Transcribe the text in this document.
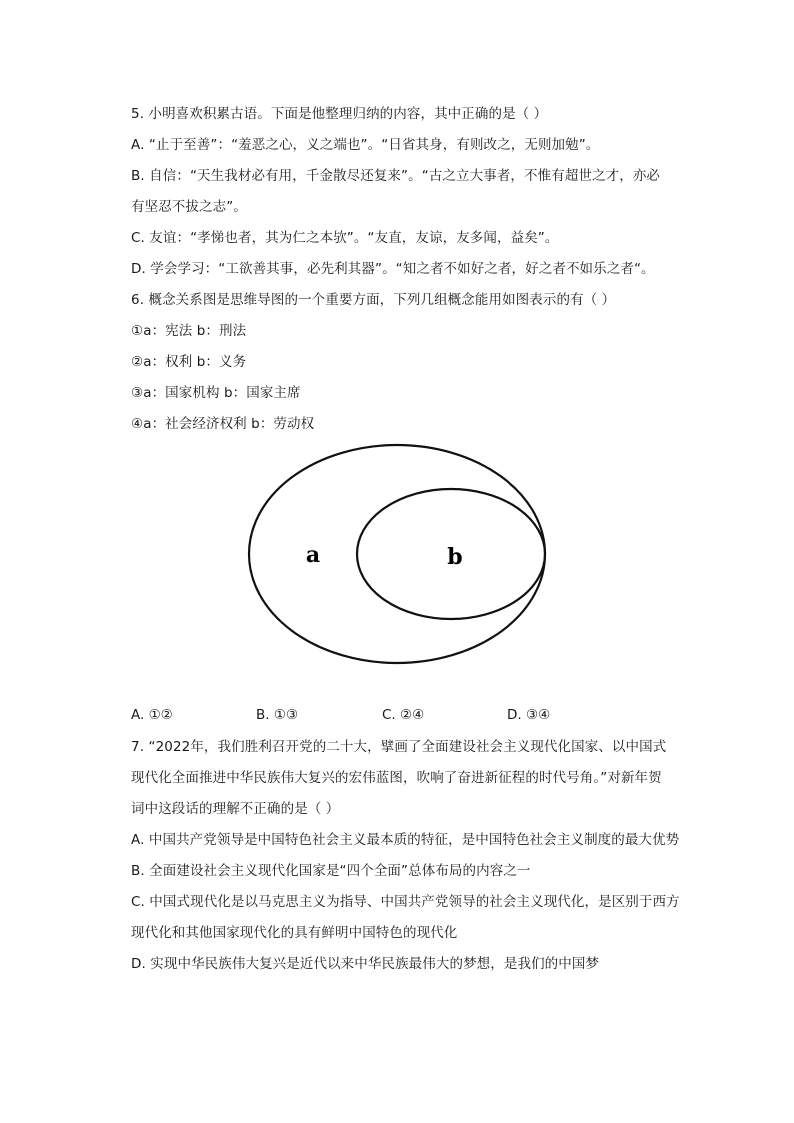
5. 小明喜欢积累古语。下面是他整理归纳的内容，其中正确的是（ ）
A. “止于至善”：“羞恶之心，义之端也”。“日省其身，有则改之，无则加勉”。
B. 自信：“天生我材必有用，千金散尽还复来”。“古之立大事者，不惟有超世之才，亦必
有坚忍不拔之志”。
C. 友谊：“孝悌也者，其为仁之本欤”。“友直，友谅，友多闻，益矣”。
D. 学会学习：“工欲善其事，必先利其器”。“知之者不如好之者，好之者不如乐之者“。
6. 概念关系图是思维导图的一个重要方面，下列几组概念能用如图表示的有（ ）
①a：宪法 b：刑法
②a：权利 b：义务
③a：国家机构 b：国家主席
④a：社会经济权利 b：劳动权
a	b
A. ①②	B. ①③	C. ②④	D. ③④
7. “2022年，我们胜利召开党的二十大，擘画了全面建设社会主义现代化国家、以中国式
现代化全面推进中华民族伟大复兴的宏伟蓝图，吹响了奋进新征程的时代号角。”对新年贺
词中这段话的理解不正确的是（ ）
A. 中国共产党领导是中国特色社会主义最本质的特征，是中国特色社会主义制度的最大优势
B. 全面建设社会主义现代化国家是“四个全面”总体布局的内容之一
C. 中国式现代化是以马克思主义为指导、中国共产党领导的社会主义现代化，是区别于西方
现代化和其他国家现代化的具有鲜明中国特色的现代化
D. 实现中华民族伟大复兴是近代以来中华民族最伟大的梦想，是我们的中国梦
